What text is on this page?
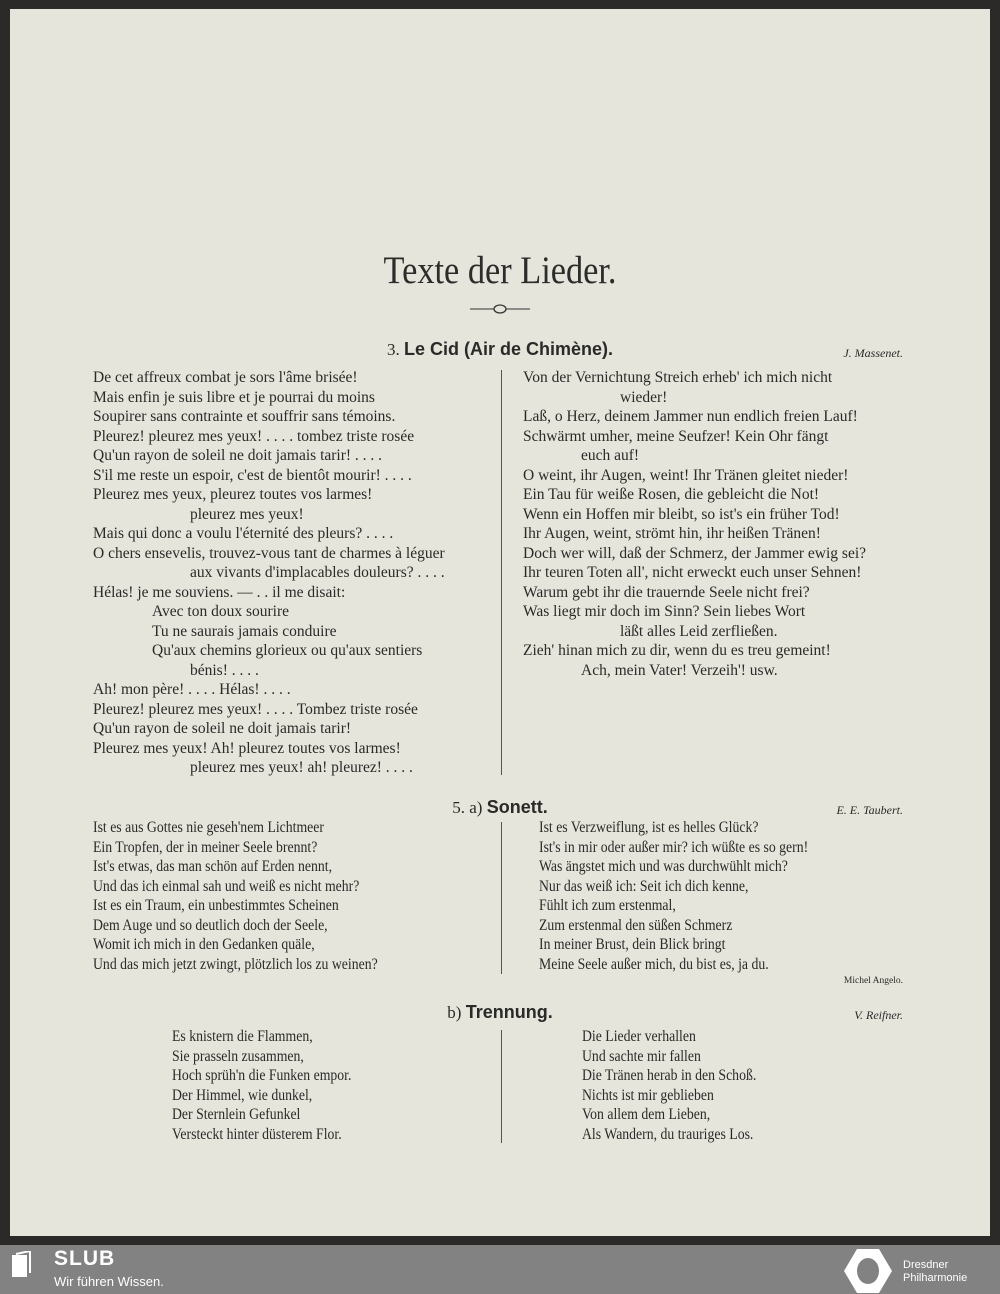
Texte der Lieder.
3. Le Cid (Air de Chimène).	J. Massenet.
De cet affreux combat je sors l'âme brisée!
Mais enfin je suis libre et je pourrai du moins
Soupirer sans contrainte et souffrir sans témoins.
Pleurez! pleurez mes yeux! . . . . tombez triste rosée
Qu'un rayon de soleil ne doit jamais tarir! . . . .
S'il me reste un espoir, c'est de bientôt mourir! . . . .
Pleurez mes yeux, pleurez toutes vos larmes!
pleurez mes yeux!
Mais qui donc a voulu l'éternité des pleurs? . . . .
O chers ensevelis, trouvez-vous tant de charmes à léguer
aux vivants d'implacables douleurs? . . . .
Hélas! je me souviens. — . . il me disait:
Avec ton doux sourire
Tu ne saurais jamais conduire
Qu'aux chemins glorieux ou qu'aux sentiers
bénis! . . . .
Ah! mon père! . . . . Hélas! . . . .
Pleurez! pleurez mes yeux! . . . . Tombez triste rosée
Qu'un rayon de soleil ne doit jamais tarir!
Pleurez mes yeux! Ah! pleurez toutes vos larmes!
pleurez mes yeux! ah! pleurez! . . . .
Von der Vernichtung Streich erheb' ich mich nicht
wieder!
Laß, o Herz, deinem Jammer nun endlich freien Lauf!
Schwärmt umher, meine Seufzer! Kein Ohr fängt
euch auf!
O weint, ihr Augen, weint! Ihr Tränen gleitet nieder!
Ein Tau für weiße Rosen, die gebleicht die Not!
Wenn ein Hoffen mir bleibt, so ist's ein früher Tod!
Ihr Augen, weint, strömt hin, ihr heißen Tränen!
Doch wer will, daß der Schmerz, der Jammer ewig sei?
Ihr teuren Toten all', nicht erweckt euch unser Sehnen!
Warum gebt ihr die trauernde Seele nicht frei?
Was liegt mir doch im Sinn? Sein liebes Wort
läßt alles Leid zerfließen.
Zieh' hinan mich zu dir, wenn du es treu gemeint!
Ach, mein Vater! Verzeih'! usw.
5. a) Sonett.	E. E. Taubert.
Ist es aus Gottes nie geseh'nem Lichtmeer
Ein Tropfen, der in meiner Seele brennt?
Ist's etwas, das man schön auf Erden nennt,
Und das ich einmal sah und weiß es nicht mehr?
Ist es ein Traum, ein unbestimmtes Scheinen
Dem Auge und so deutlich doch der Seele,
Womit ich mich in den Gedanken quäle,
Und das mich jetzt zwingt, plötzlich los zu weinen?
Ist es Verzweiflung, ist es helles Glück?
Ist's in mir oder außer mir? ich wüßte es so gern!
Was ängstet mich und was durchwühlt mich?
Nur das weiß ich: Seit ich dich kenne,
Fühlt ich zum erstenmal,
Zum erstenmal den süßen Schmerz
In meiner Brust, dein Blick bringt
Meine Seele außer mich, du bist es, ja du.
Michel Angelo.
b) Trennung.	V. Reifner.
Es knistern die Flammen,
Sie prasseln zusammen,
Hoch sprüh'n die Funken empor.
Der Himmel, wie dunkel,
Der Sternlein Gefunkel
Versteckt hinter düsterem Flor.
Die Lieder verhallen
Und sachte mir fallen
Die Tränen herab in den Schoß.
Nichts ist mir geblieben
Von allem dem Lieben,
Als Wandern, du trauriges Los.
SLUB
Wir führen Wissen.
Dresdner
Philharmonie
